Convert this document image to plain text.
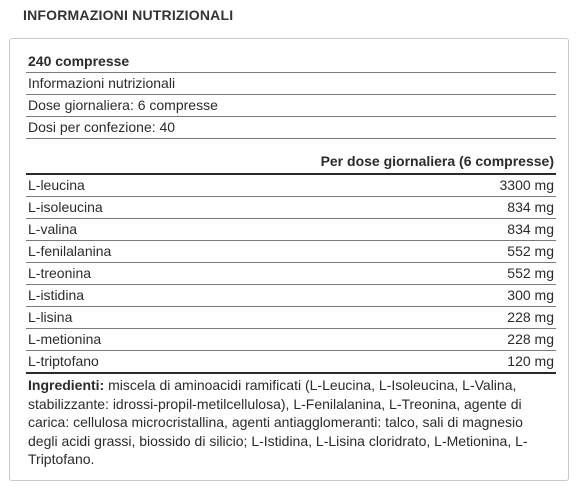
INFORMAZIONI NUTRIZIONALI
240 compresse
Informazioni nutrizionali
Dose giornaliera: 6 compresse
Dosi per confezione: 40
Per dose giornaliera (6 compresse)
L-leucina	3300 mg
L-isoleucina	834 mg
L-valina	834 mg
L-fenilalanina	552 mg
L-treonina	552 mg
L-istidina	300 mg
L-lisina	228 mg
L-metionina	228 mg
L-triptofano	120 mg
Ingredienti: miscela di aminoacidi ramificati (L-Leucina, L-Isoleucina, L-Valina, stabilizzante: idrossi-propil-metilcellulosa), L-Fenilalanina, L-Treonina, agente di carica: cellulosa microcristallina, agenti antiagglomeranti: talco, sali di magnesio degli acidi grassi, biossido di silicio; L-Istidina, L-Lisina cloridrato, L-Metionina, L-Triptofano.
